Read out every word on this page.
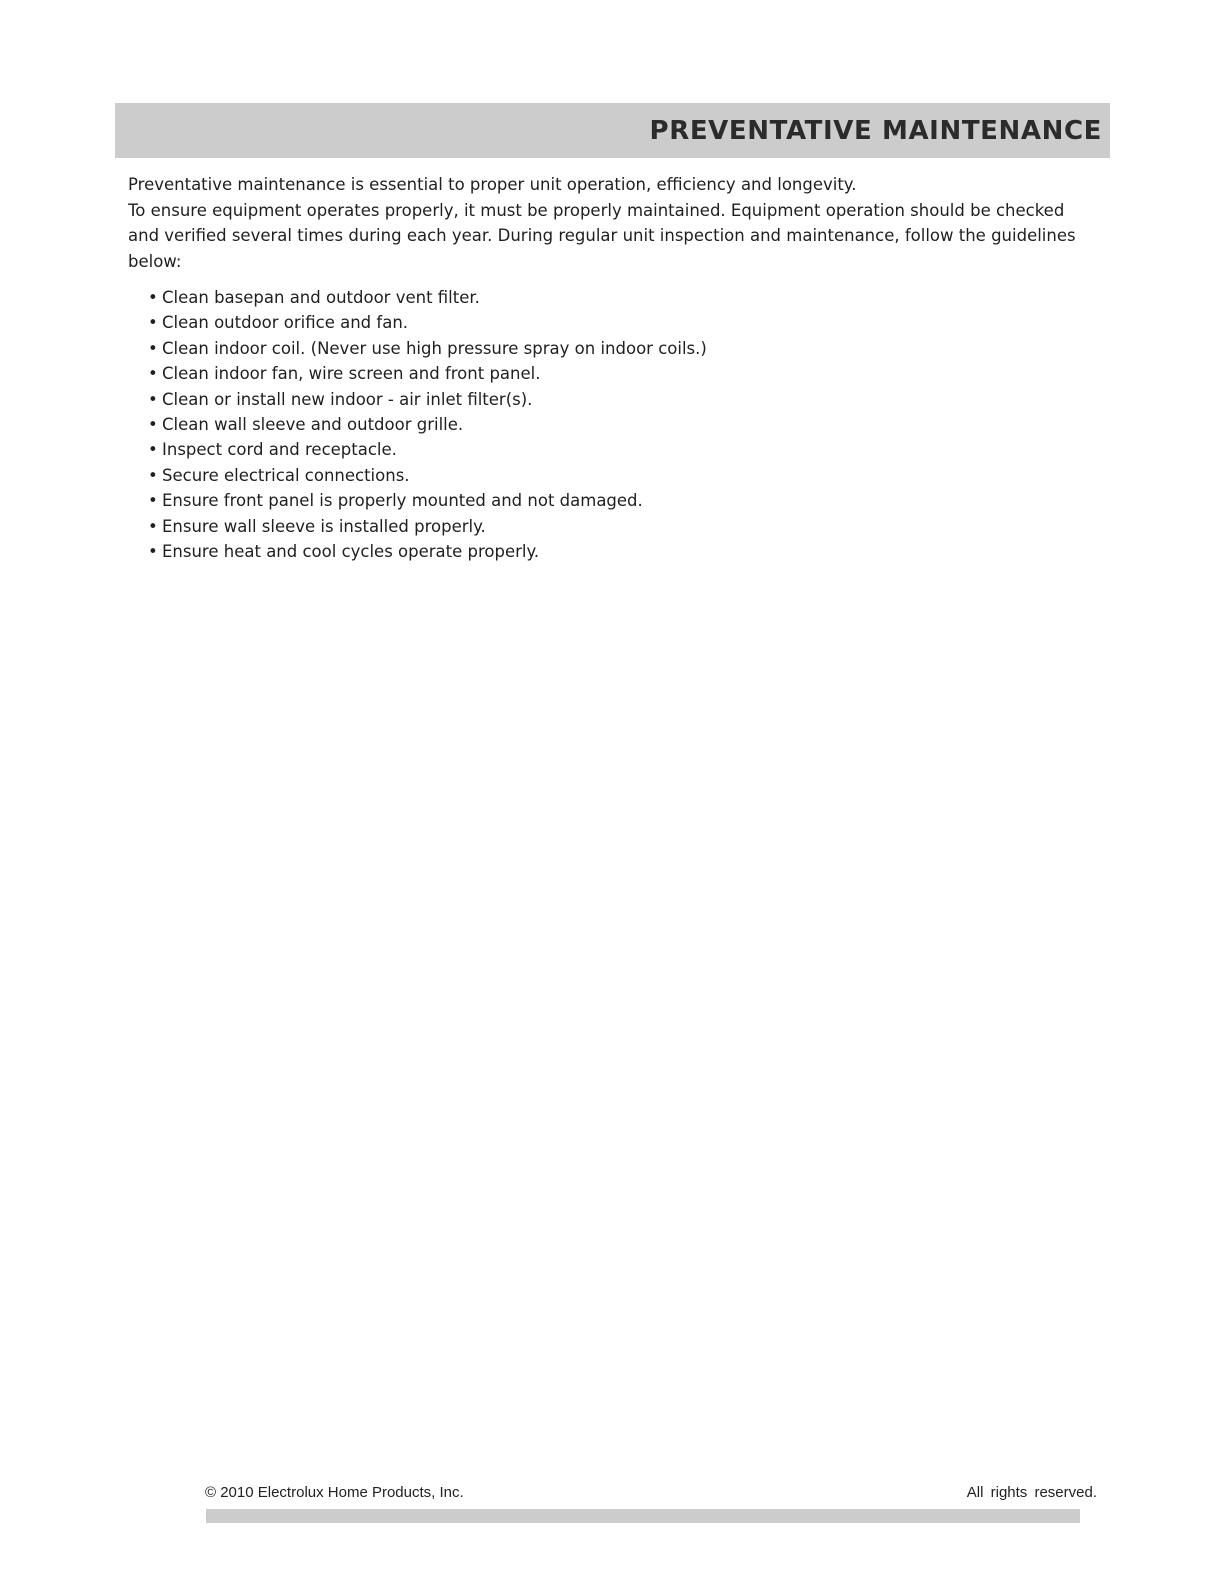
PREVENTATIVE MAINTENANCE

Preventative maintenance is essential to proper unit operation, efficiency and longevity.

To ensure equipment operates properly, it must be properly maintained. Equipment operation should be checked and verified several times during each year. During regular unit inspection and maintenance, follow the guidelines below:

• Clean basepan and outdoor vent filter.
• Clean outdoor orifice and fan.
• Clean indoor coil. (Never use high pressure spray on indoor coils.)
• Clean indoor fan, wire screen and front panel.
• Clean or install new indoor - air inlet filter(s).
• Clean wall sleeve and outdoor grille.
• Inspect cord and receptacle.
• Secure electrical connections.
• Ensure front panel is properly mounted and not damaged.
• Ensure wall sleeve is installed properly.
• Ensure heat and cool cycles operate properly.
© 2010 Electrolux Home Products, Inc.	All rights reserved.
